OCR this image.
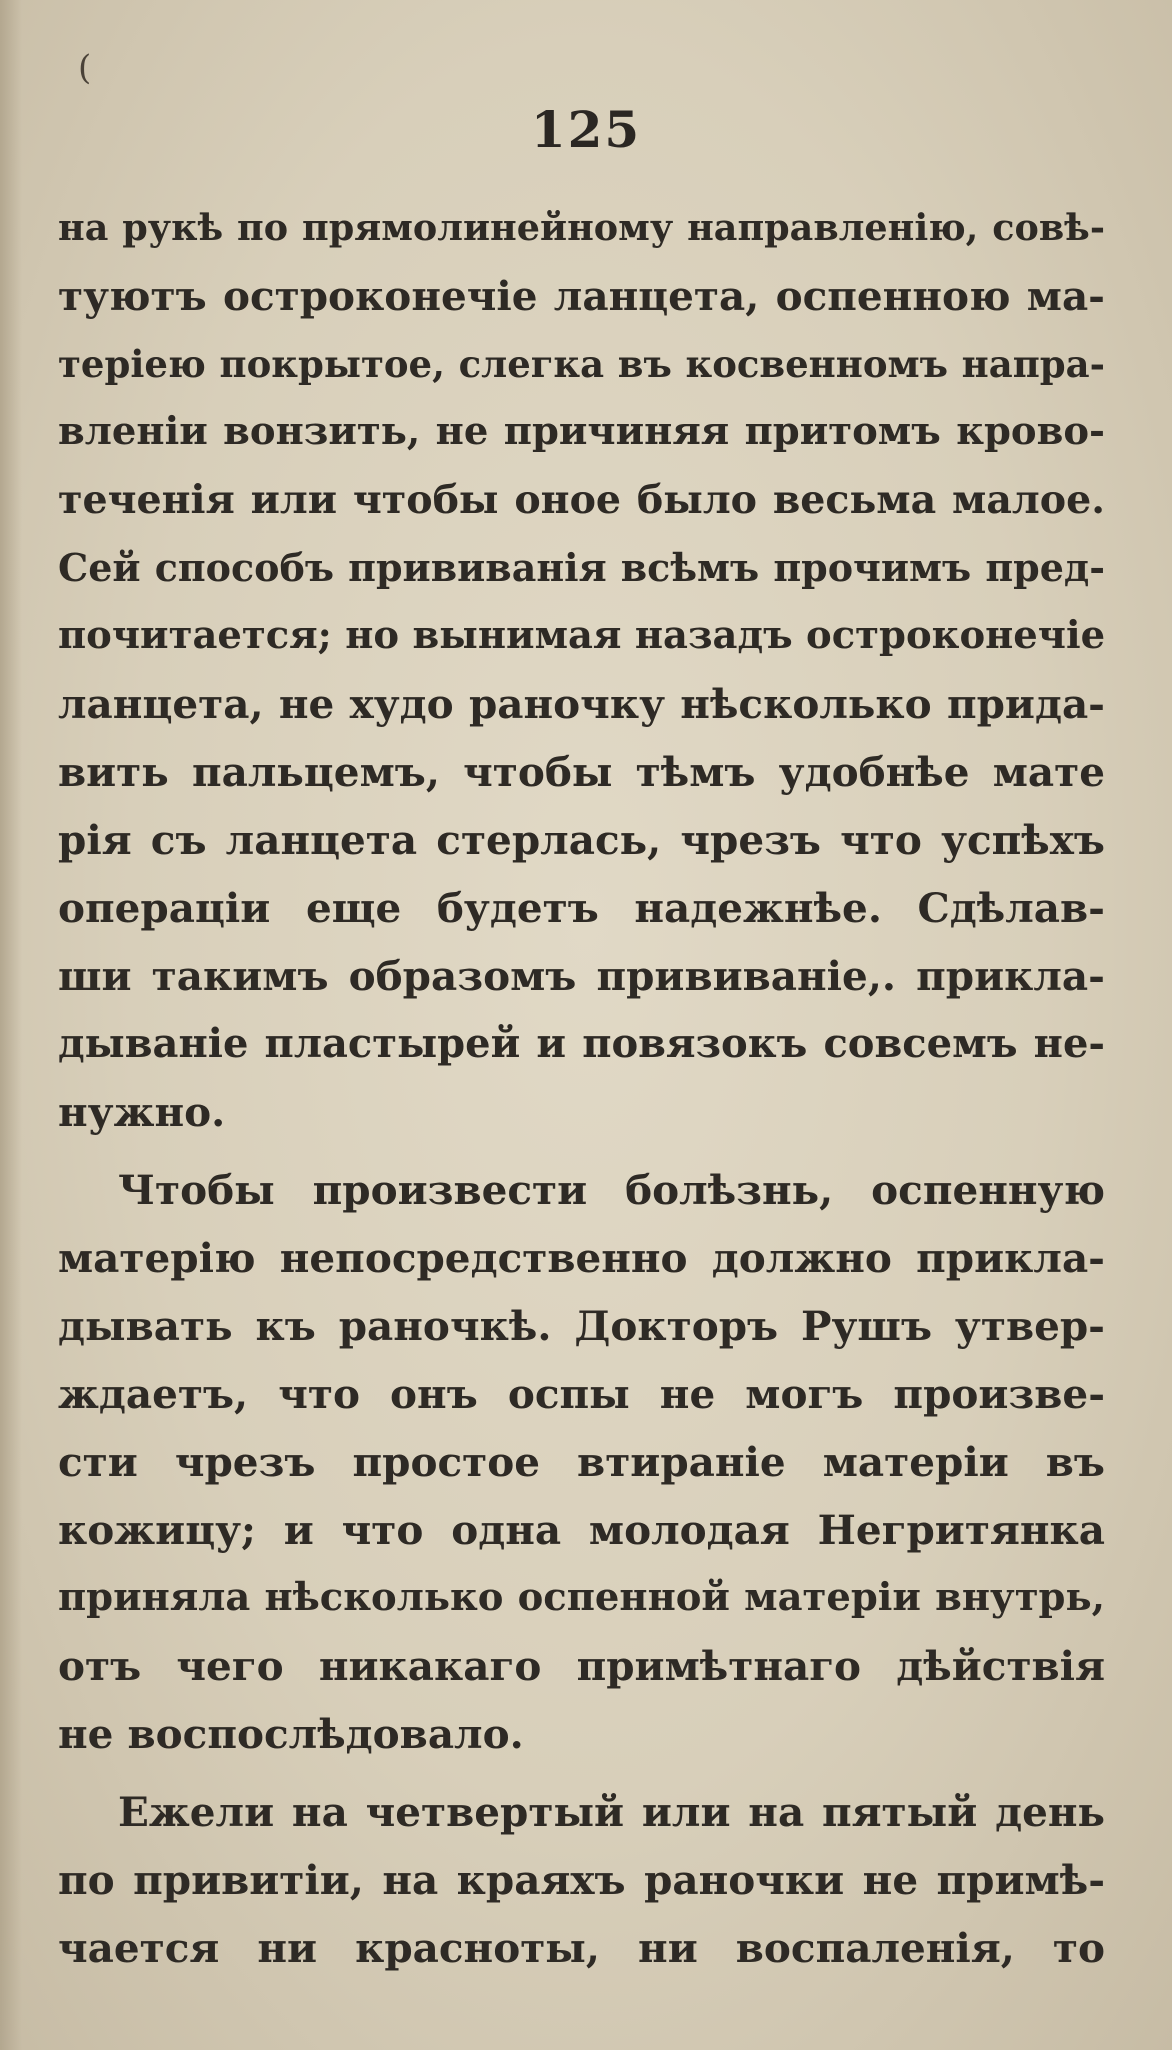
(
125
на рукѣ по прямолинейному направленію, совѣ-
туютъ остроконечіе ланцета, оспенною ма-
теріею покрытое, слегка въ косвенномъ напра-
вленіи вонзить, не причиняя притомъ крово-
теченія или чтобы оное было весьма малое.
Сей способъ прививанія всѣмъ прочимъ пред-
почитается; но вынимая назадъ остроконечіе
ланцета, не худо раночку нѣсколько прида-
вить пальцемъ, чтобы тѣмъ удобнѣе мате
рія съ ланцета стерлась, чрезъ что успѣхъ
операціи еще будетъ надежнѣе. Сдѣлав-
ши такимъ образомъ прививаніе,. прикла-
дываніе пластырей и повязокъ совсемъ не-
нужно.
Чтобы произвести болѣзнь, оспенную
матерію непосредственно должно прикла-
дывать къ раночкѣ. Докторъ Рушъ утвер-
ждаетъ, что онъ оспы не могъ произве-
сти чрезъ простое втираніе матеріи въ
кожицу; и что одна молодая Негритянка
приняла нѣсколько оспенной матеріи внутрь,
отъ чего никакаго примѣтнаго дѣйствія
не воспослѣдовало.
Ежели на четвертый или на пятый день
по привитіи, на краяхъ раночки не примѣ-
чается ни красноты, ни воспаленія, то
